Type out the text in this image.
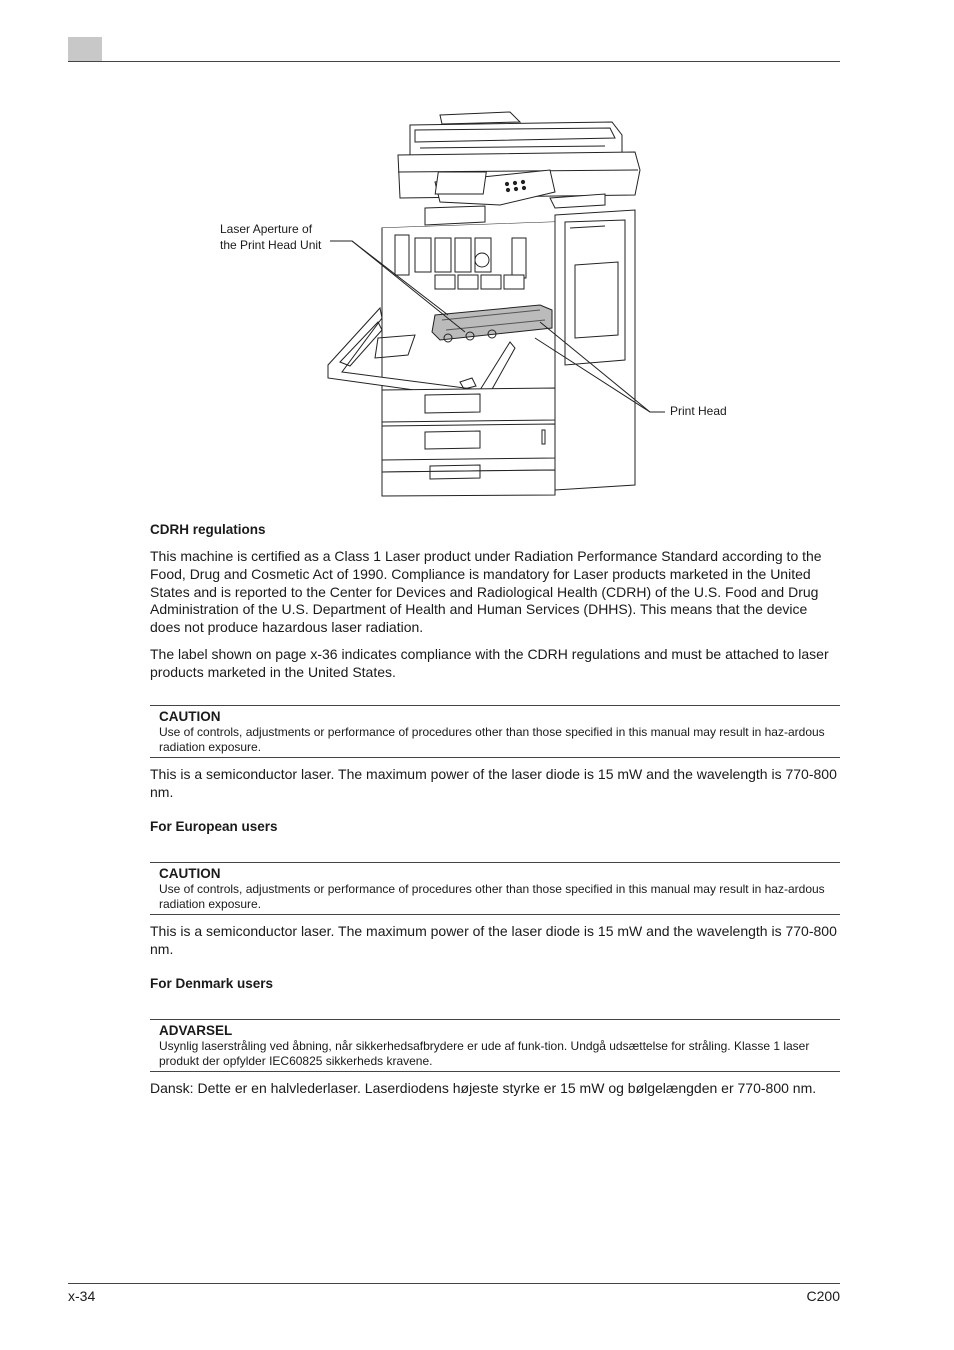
Laser Aperture of
the Print Head Unit
Print Head
CDRH regulations

This machine is certified as a Class 1 Laser product under Radiation Performance Standard according to the Food, Drug and Cosmetic Act of 1990. Compliance is mandatory for Laser products marketed in the United States and is reported to the Center for Devices and Radiological Health (CDRH) of the U.S. Food and Drug Administration of the U.S. Department of Health and Human Services (DHHS). This means that the device does not produce hazardous laser radiation.

The label shown on page x-36 indicates compliance with the CDRH regulations and must be attached to laser products marketed in the United States.

CAUTION
Use of controls, adjustments or performance of procedures other than those specified in this manual may result in haz-ardous radiation exposure.

This is a semiconductor laser. The maximum power of the laser diode is 15 mW and the wavelength is 770-800 nm.

For European users
CAUTION
Use of controls, adjustments or performance of procedures other than those specified in this manual may result in haz-ardous radiation exposure.

This is a semiconductor laser. The maximum power of the laser diode is 15 mW and the wavelength is 770-800 nm.

For Denmark users
ADVARSEL
Usynlig laserstråling ved åbning, når sikkerhedsafbrydere er ude af funk-tion. Undgå udsættelse for stråling. Klasse 1 laser produkt der opfylder IEC60825 sikkerheds kravene.

Dansk: Dette er en halvlederlaser. Laserdiodens højeste styrke er 15 mW og bølgelængden er 770-800 nm.

x-34	C200
